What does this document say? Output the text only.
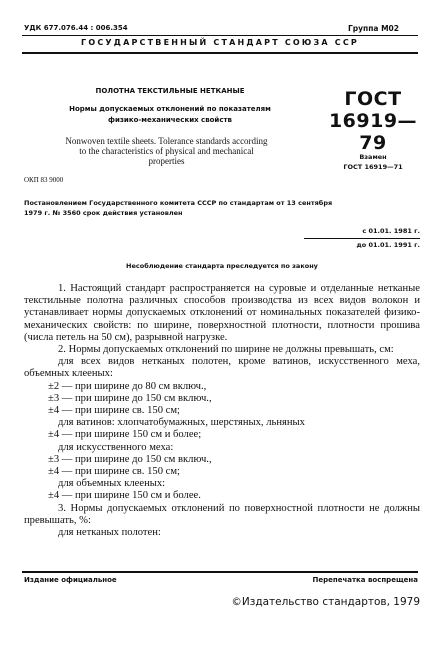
УДК 677.076.44 : 006.354	Группа М02
ГОСУДАРСТВЕННЫЙ СТАНДАРТ СОЮЗА ССР
ПОЛОТНА ТЕКСТИЛЬНЫЕ НЕТКАНЫЕ
Нормы допускаемых отклонений по показателям
физико-механических свойств
ГОСТ
16919—79
Nonwoven textile sheets. Tolerance standards according
to the characteristics of physical and mechanical
properties	Взамен
ГОСТ 16919—71
ОКП 83 9000
Постановлением Государственного комитета СССР по стандартам от 13 сентября
1979 г. № 3560 срок действия установлен
с 01.01. 1981 г.
до 01.01. 1991 г.
Несоблюдение стандарта преследуется по закону

1. Настоящий стандарт распространяется на суровые и отделанные нетканые текстильные полотна различных способов производства из всех видов волокон и устанавливает нормы допускаемых отклонений от номинальных показателей физико-механических свойств: по ширине, поверхностной плотности, плотности прошива (числа петель на 50 см), разрывной нагрузке.

2. Нормы допускаемых отклонений по ширине не должны превышать, см:

для всех видов нетканых полотен, кроме ватинов, искусственного меха, объемных клееных:

±2 — при ширине до 80 см включ.,

±3 — при ширине до 150 см включ.,

±4 — при ширине св. 150 см;

для ватинов: хлопчатобумажных, шерстяных, льняных

±4 — при ширине 150 см и более;

для искусственного меха:

±3 — при ширине до 150 см включ.,

±4 — при ширине св. 150 см;

для объемных клееных:

±4 — при ширине 150 см и более.

3. Нормы допускаемых отклонений по поверхностной плотности не должны превышать, %:

для нетканых полотен:

Издание официальное	Перепечатка воспрещена
©Издательство стандартов, 1979
